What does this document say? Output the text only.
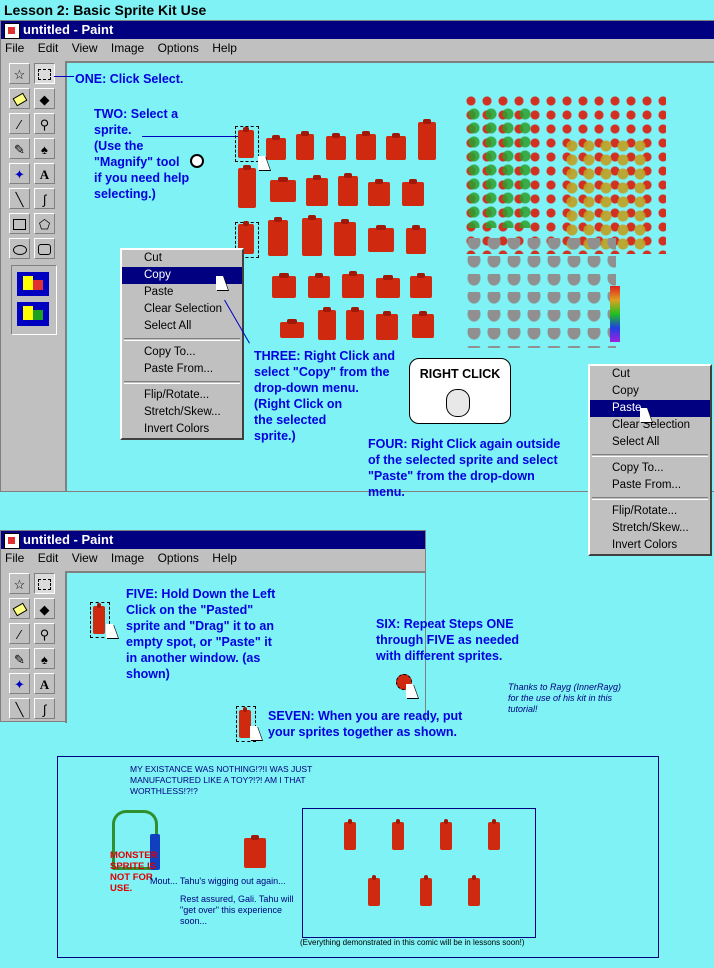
Lesson 2: Basic Sprite Kit Use
untitled - Paint
File Edit View Image Options Help
☆
◆
⁄	⚲
✎	♠
✦	A
╲	∫
⬠
ONE: Click Select.
TWO: Select a
sprite.
(Use the
"Magnify" tool
if you need help
selecting.)
Cut
Copy
Paste
Clear Selection
Select All
Copy To...
Paste From...
Flip/Rotate...
Stretch/Skew...
Invert Colors
THREE: Right Click and
select "Copy" from the
drop-down menu.
(Right Click on
the selected
sprite.)
RIGHT CLICK
FOUR: Right Click again outside
of the selected sprite and select
"Paste" from the drop-down
menu.
Cut
Copy
Paste
Clear Selection
Select All
Copy To...
Paste From...
Flip/Rotate...
Stretch/Skew...
Invert Colors
untitled - Paint
File Edit View Image Options Help
☆
◆
⁄	⚲
✎	♠
✦	A
╲	∫
FIVE: Hold Down the Left
Click on the "Pasted"
sprite and "Drag" it to an
empty spot, or "Paste" it
in another window. (as
shown)
SIX: Repeat Steps ONE
through FIVE as needed
with different sprites.
Thanks to Rayg (InnerRayg)
for the use of his kit in this
tutorial!
SEVEN: When you are ready, put
your sprites together as shown.
MY EXISTANCE WAS NOTHING!?!I WAS JUST
MANUFACTURED LIKE A TOY?!?! AM I THAT
WORTHLESS!?!?
MONSTER
SPRITE IS
NOT FOR
USE.
Mout... Tahu's wigging out again...
Rest assured, Gali. Tahu will
"get over" this experience
soon...
(Everything demonstrated in this comic will be in lessons soon!)
